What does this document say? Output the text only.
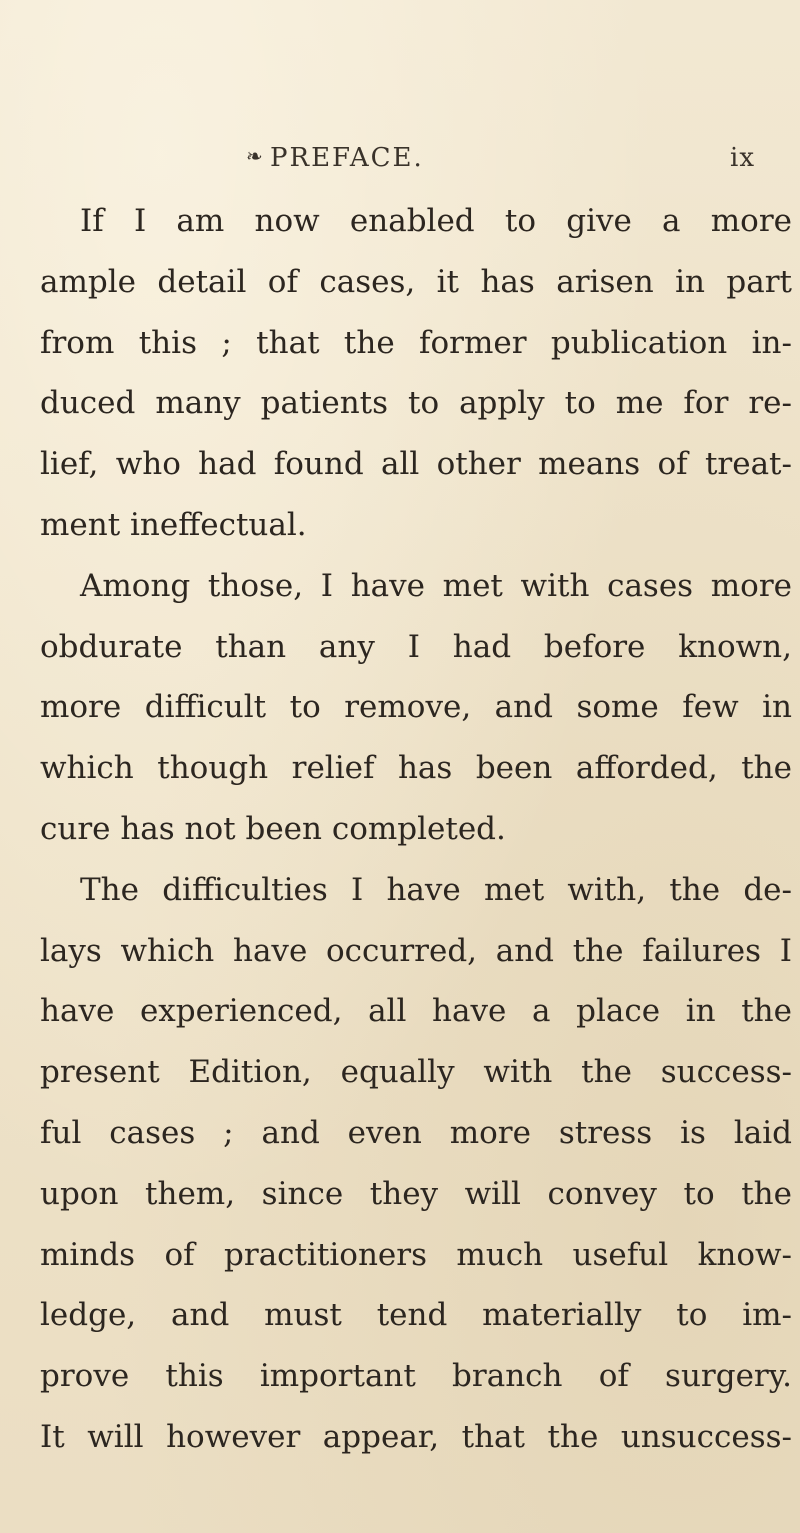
❧ PREFACE.	ix
If I am now enabled to give a more
ample detail of cases, it has arisen in part
from this ; that the former publication in-
duced many patients to apply to me for re-
lief, who had found all other means of treat-
ment ineffectual.
Among those, I have met with cases more
obdurate than any I had before known,
more difficult to remove, and some few in
which though relief has been afforded, the
cure has not been completed.
The difficulties I have met with, the de-
lays which have occurred, and the failures I
have experienced, all have a place in the
present Edition, equally with the success-
ful cases ; and even more stress is laid
upon them, since they will convey to the
minds of practitioners much useful know-
ledge, and must tend materially to im-
prove this important branch of surgery.
It will however appear, that the unsuccess-
